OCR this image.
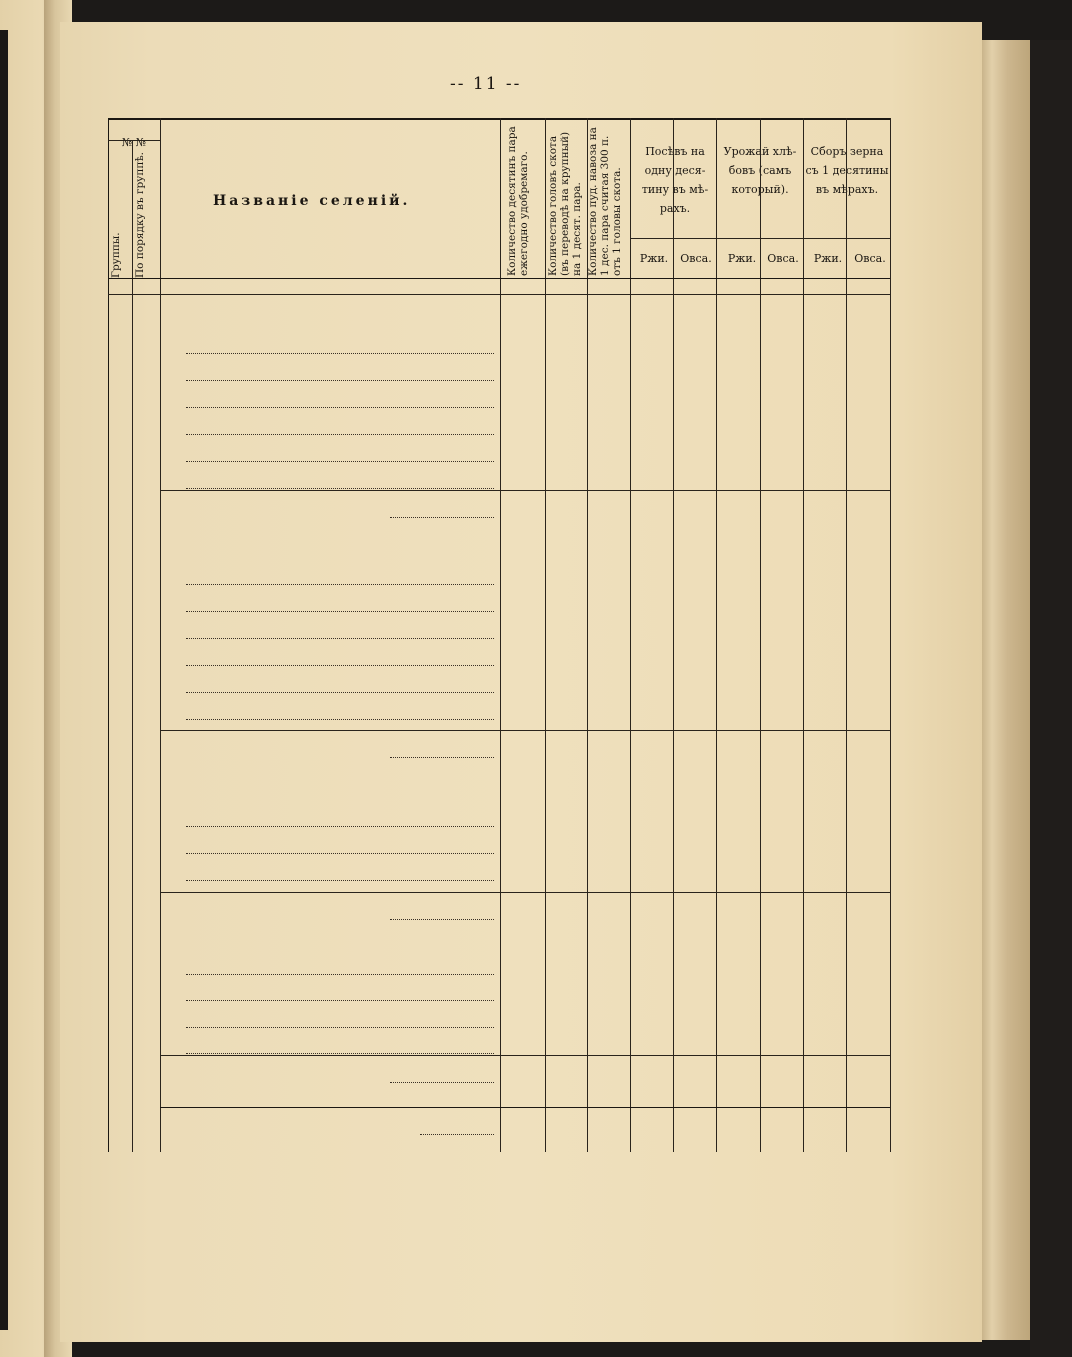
-- 11 --
№ №
Группы. По порядку въ группѣ.	Названіе селеній.	Количество десятинъ пара ежегодно удобремаго. Количество головъ скота (въ переводѣ на крупный) на 1 десят. пара. Количество пуд. навоза на 1 дес. пара считая 300 п. отъ 1 головы скота.
Посѣвъ на одну десятину въ мѣрахъ.
Урожай хлѣбовъ (самъ который).
Сборъ зерна съ 1 десятины въ мѣрахъ.
Ржи. Овса. Ржи. Овса. Ржи. Овса.
